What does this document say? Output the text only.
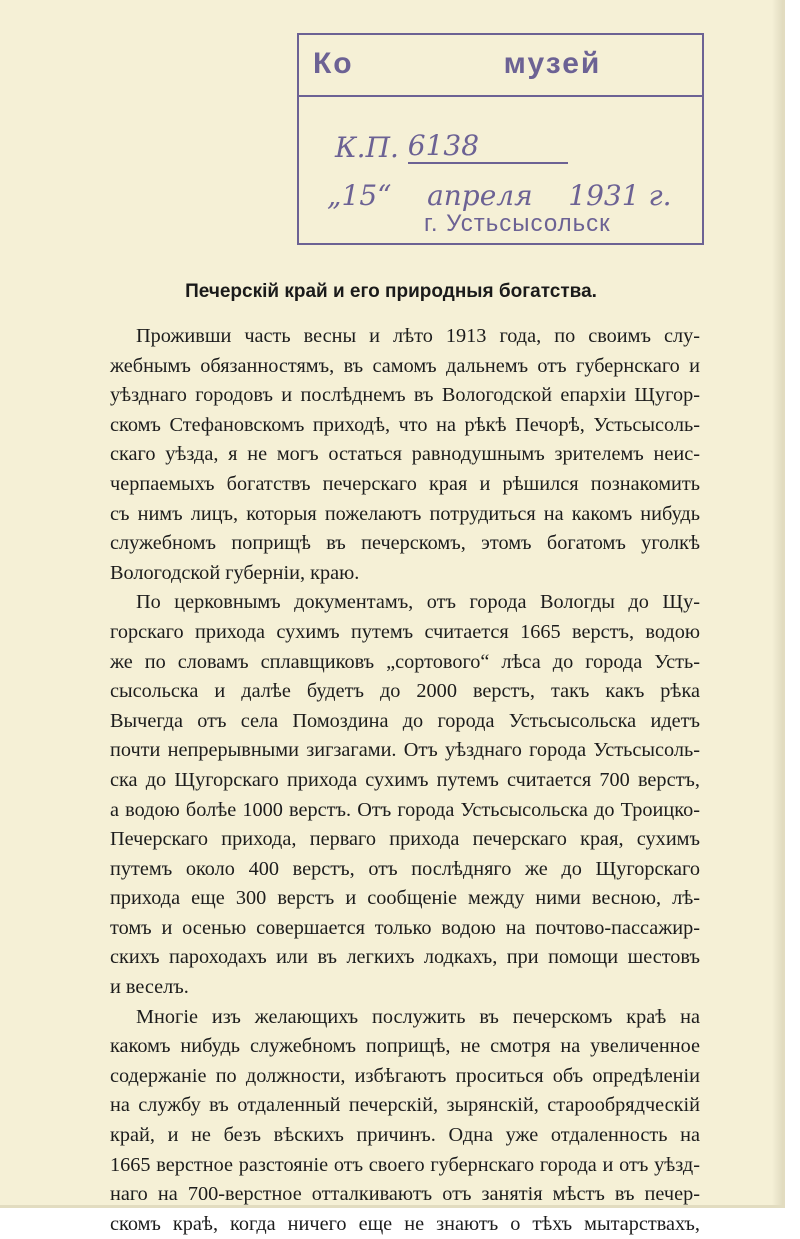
Ко	музей
К.П. 6138
„15“    апреля 1931 г.
г. Устьсысольск
Печерскiй край и его природныя богатства.
Проживши часть весны и лѣто 1913 года, по своимъ слу-
жебнымъ обязанностямъ, въ самомъ дальнемъ отъ губернскаго и
уѣзднаго городовъ и послѣднемъ въ Вологодской епархiи Щугор-
скомъ Стефановскомъ приходѣ, что на рѣкѣ Печорѣ, Устьсысоль-
скаго уѣзда, я не могъ остаться равнодушнымъ зрителемъ неис-
черпаемыхъ богатствъ печерскаго края и рѣшился познакомить
съ нимъ лицъ, которыя пожелаютъ потрудиться на какомъ нибудь
служебномъ поприщѣ въ печерскомъ, этомъ богатомъ уголкѣ
Вологодской губернiи, краю.
По церковнымъ документамъ, отъ города Вологды до Щу-
горскаго прихода сухимъ путемъ считается 1665 верстъ, водою
же по словамъ сплавщиковъ „сортового“ лѣса до города Усть-
сысольска и далѣе будетъ до 2000 верстъ, такъ какъ рѣка
Вычегда отъ села Помоздина до города Устьсысольска идетъ
почти непрерывными зигзагами. Отъ уѣзднаго города Устьсысоль-
ска до Щугорскаго прихода сухимъ путемъ считается 700 верстъ,
а водою болѣе 1000 верстъ. Отъ города Устьсысольска до Троицко-
Печерскаго прихода, перваго прихода печерскаго края, сухимъ
путемъ около 400 верстъ, отъ послѣдняго же до Щугорскаго
прихода еще 300 верстъ и сообщенiе между ними весною, лѣ-
томъ и осенью совершается только водою на почтово-пассажир-
скихъ пароходахъ или въ легкихъ лодкахъ, при помощи шестовъ
и веселъ.
Многiе изъ желающихъ послужить въ печерскомъ краѣ на
какомъ нибудь служебномъ поприщѣ, не смотря на увеличенное
содержанiе по должности, избѣгаютъ проситься объ опредѣленiи
на службу въ отдаленный печерскiй, зырянскiй, старообрядческiй
край, и не безъ вѣскихъ причинъ. Одна уже отдаленность на
1665 верстное разстоянiе отъ своего губернскаго города и отъ уѣзд-
наго на 700-верстное отталкиваютъ отъ занятiя мѣстъ въ печер-
скомъ краѣ, когда ничего еще не знаютъ о тѣхъ мытарствахъ,
